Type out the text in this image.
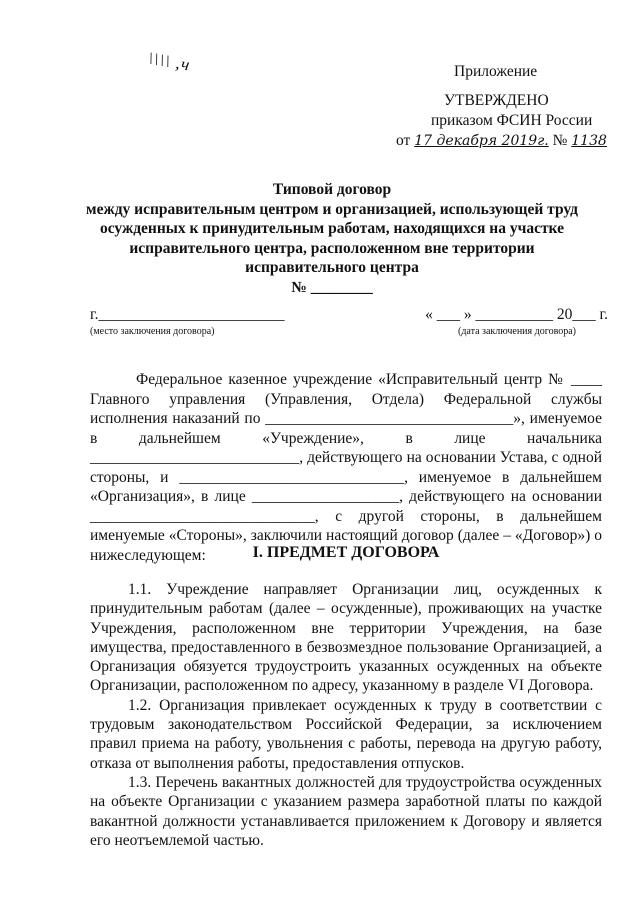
\\\\ ,ч	Приложение
УТВЕРЖДЕНО
приказом ФСИН России
от 17 декабря 2019г. № 1138
Типовой договор
между исправительным центром и организацией, использующей труд осужденных к принудительным работам, находящихся на участке исправительного центра, расположенном вне территории исправительного центра
№ ________
г.________________________
(место заключения договора)
« ___ » __________ 20___ г.
(дата заключения договора)

Федеральное казенное учреждение «Исправительный центр № ____ Главного управления (Управления, Отдела) Федеральной службы исполнения наказаний по ________________________________», именуемое в дальнейшем «Учреждение», в лице начальника ___________________________, действующего на основании Устава, с одной стороны, и _____________________________, именуемое в дальнейшем «Организация», в лице ___________________, действующего на основании _____________________________, с другой стороны, в дальнейшем именуемые «Стороны», заключили настоящий договор (далее – «Договор») о нижеследующем:	I. ПРЕДМЕТ ДОГОВОРА

1.1. Учреждение направляет Организации лиц, осужденных к принудительным работам (далее – осужденные), проживающих на участке Учреждения, расположенном вне территории Учреждения, на базе имущества, предоставленного в безвозмездное пользование Организацией, а Организация обязуется трудоустроить указанных осужденных на объекте Организации, расположенном по адресу, указанному в разделе VI Договора.

1.2. Организация привлекает осужденных к труду в соответствии с трудовым законодательством Российской Федерации, за исключением правил приема на работу, увольнения с работы, перевода на другую работу, отказа от выполнения работы, предоставления отпусков.

1.3. Перечень вакантных должностей для трудоустройства осужденных на объекте Организации с указанием размера заработной платы по каждой вакантной должности устанавливается приложением к Договору и является его неотъемлемой частью.
